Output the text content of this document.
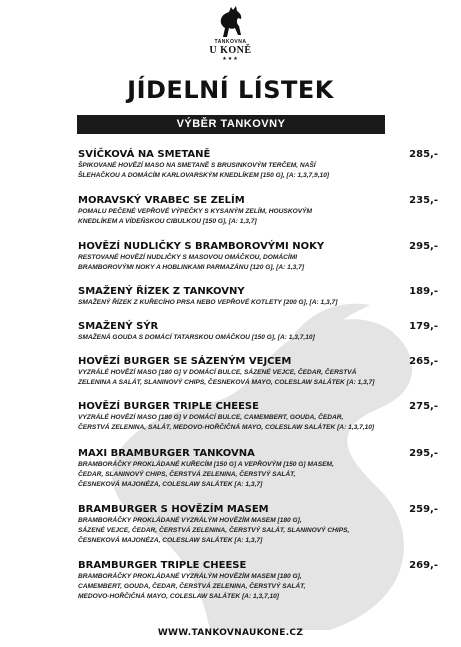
TANKOVNA
U KONĚ
★★★
JÍDELNÍ LÍSTEK
VÝBĚR TANKOVNY
SVÍČKOVÁ NA SMETANĚ	285,-
ŠPIKOVANÉ HOVĚZÍ MASO NA SMETANĚ S BRUSINKOVÝM TERČEM, NAŠÍ
ŠLEHAČKOU A DOMÁCÍM KARLOVARSKÝM KNEDLÍKEM [150 G], [A: 1,3,7,9,10]
MORAVSKÝ VRABEC SE ZELÍM	235,-
POMALU PEČENÉ VEPŘOVÉ VÝPEČKY S KYSANÝM ZELÍM, HOUSKOVÝM
KNEDLÍKEM A VÍDEŇSKOU CIBULKOU [150 G], [A: 1,3,7]
HOVĚZÍ NUDLIČKY S BRAMBOROVÝMI NOKY	295,-
RESTOVANÉ HOVĚZÍ NUDLIČKY S MASOVOU OMÁČKOU, DOMÁCÍMI
BRAMBOROVÝMI NOKY A HOBLINKAMI PARMAZÁNU [120 G], [A: 1,3,7]
SMAŽENÝ ŘÍZEK Z TANKOVNY	189,-
SMAŽENÝ ŘÍZEK Z KUŘECÍHO PRSA NEBO VEPŘOVÉ KOTLETY [200 G], [A: 1,3,7]
SMAŽENÝ SÝR	179,-
SMAŽENÁ GOUDA S DOMÁCÍ TATARSKOU OMÁČKOU [150 G], [A: 1,3,7,10]
HOVĚZÍ BURGER SE SÁZENÝM VEJCEM	265,-
VYZRÁLÉ HOVĚZÍ MASO [180 G] V DOMÁCÍ BULCE, SÁZENÉ VEJCE, ČEDAR, ČERSTVÁ
ZELENINA A SALÁT, SLANINOVÝ CHIPS, ČESNEKOVÁ MAYO, COLESLAW SALÁTEK [A: 1,3,7]
HOVĚZÍ BURGER TRIPLE CHEESE	275,-
VYZRÁLÉ HOVĚZÍ MASO [180 G] V DOMÁCÍ BULCE, CAMEMBERT, GOUDA, ČEDAR,
ČERSTVÁ ZELENINA, SALÁT, MEDOVO-HOŘČIČNÁ MAYO, COLESLAW SALÁTEK [A: 1,3,7,10]
MAXI BRAMBURGER TANKOVNA	295,-
BRAMBORÁČKY PROKLÁDANÉ KUŘECÍM [150 G] A VEPŘOVÝM [150 G] MASEM,
ČEDAR, SLANINOVÝ CHIPS, ČERSTVÁ ZELENINA, ČERSTVÝ SALÁT,
ČESNEKOVÁ MAJONÉZA, COLESLAW SALÁTEK [A: 1,3,7]
BRAMBURGER S HOVĚZÍM MASEM	259,-
BRAMBORÁČKY PROKLÁDANÉ VYZRÁLÝM HOVĚZÍM MASEM [180 G],
SÁZENÉ VEJCE, ČEDAR, ČERSTVÁ ZELENINA, ČERSTVÝ SALÁT, SLANINOVÝ CHIPS,
ČESNEKOVÁ MAJONÉZA, COLESLAW SALÁTEK [A: 1,3,7]
BRAMBURGER TRIPLE CHEESE	269,-
BRAMBORÁČKY PROKLÁDANÉ VYZRÁLÝM HOVĚZÍM MASEM [180 G],
CAMEMBERT, GOUDA, ČEDAR, ČERSTVÁ ZELENINA, ČERSTVÝ SALÁT,
MEDOVO-HOŘČIČNÁ MAYO, COLESLAW SALÁTEK [A: 1,3,7,10]
WWW.TANKOVNAUKONE.CZ
